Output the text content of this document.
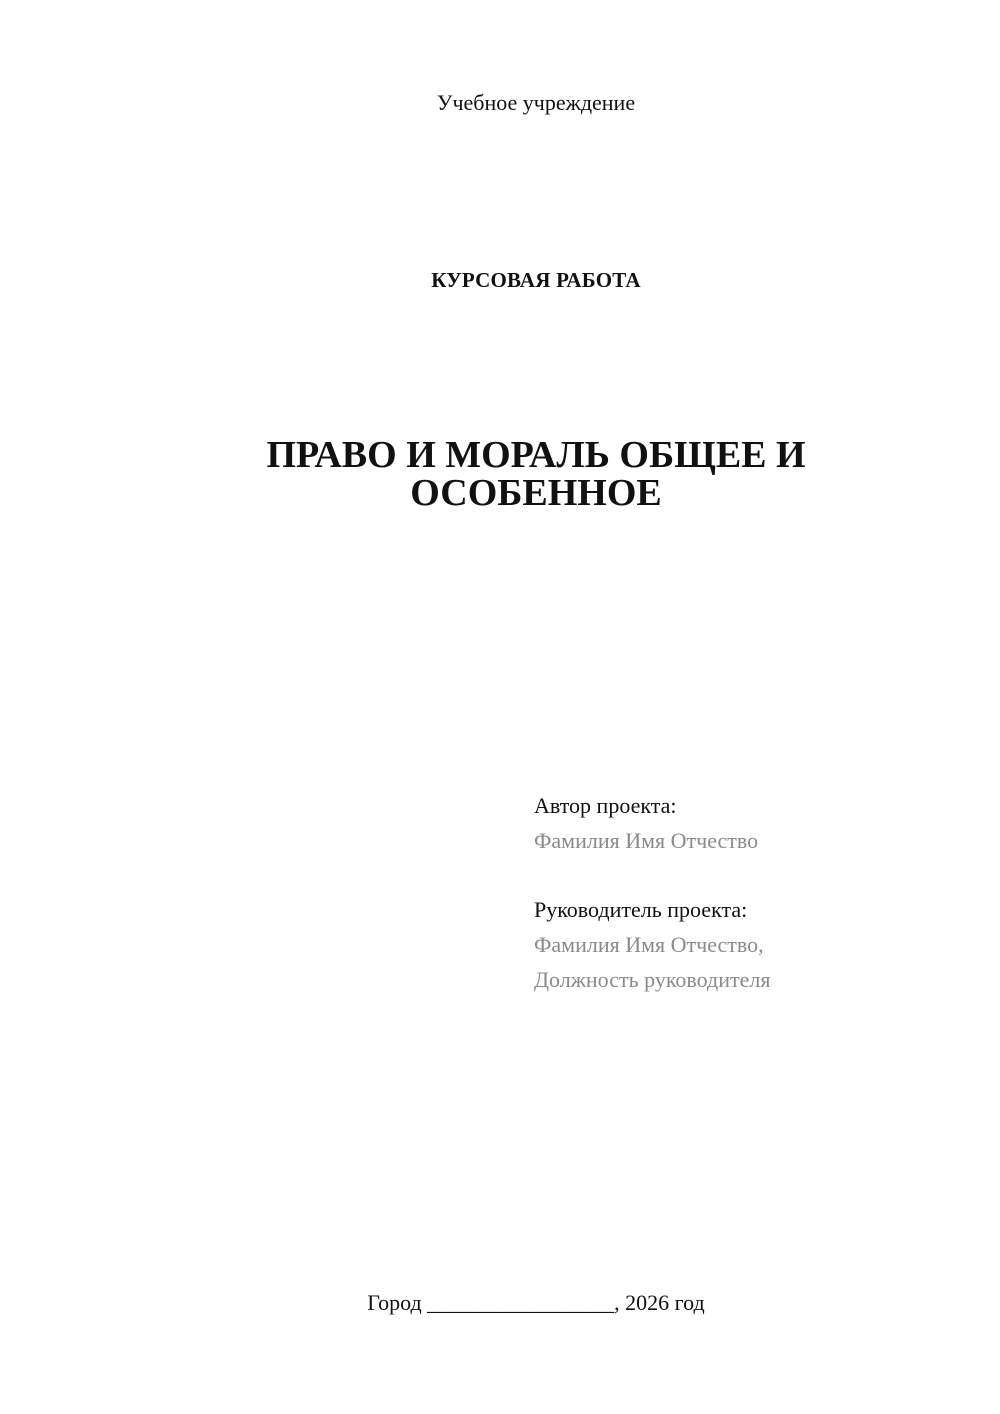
Учебное учреждение
КУРСОВАЯ РАБОТА
ПРАВО И МОРАЛЬ ОБЩЕЕ И
ОСОБЕННОЕ
Автор проекта:
Фамилия Имя Отчество
Руководитель проекта:
Фамилия Имя Отчество,
Должность руководителя
Город _________________, 2026 год
